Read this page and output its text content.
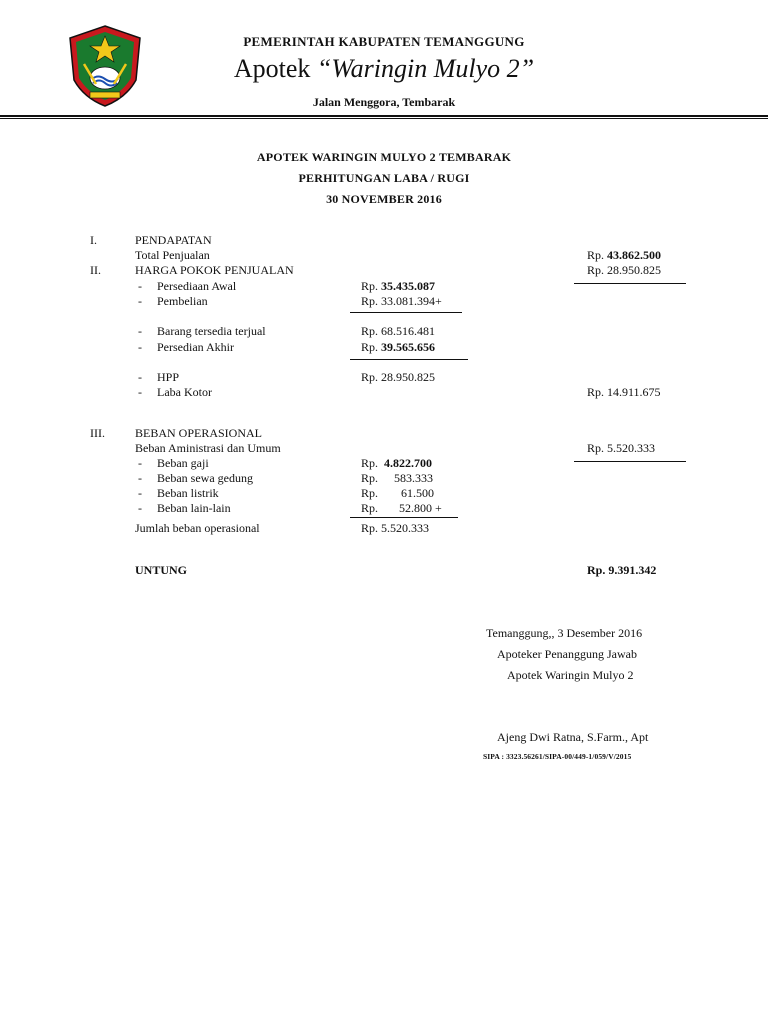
PEMERINTAH KABUPATEN TEMANGGUNG
Apotek “Waringin Mulyo 2”
Jalan Menggora, Tembarak
APOTEK WARINGIN MULYO 2 TEMBARAK
PERHITUNGAN LABA / RUGI
30 NOVEMBER 2016
I.	PENDAPATAN
Total Penjualan	Rp. 43.862.500
II.	HARGA POKOK PENJUALAN	Rp. 28.950.825
- Persediaan Awal	Rp. 35.435.087
- Pembelian	Rp. 33.081.394+
- Barang tersedia terjual	Rp. 68.516.481
- Persedian Akhir	Rp. 39.565.656
- HPP	Rp. 28.950.825
- Laba Kotor	Rp. 14.911.675
III.	BEBAN OPERASIONAL
Beban Aministrasi dan Umum	Rp. 5.520.333
- Beban gaji	Rp. 4.822.700
- Beban sewa gedung	Rp. 583.333
- Beban listrik	Rp. 61.500
- Beban lain-lain	Rp. 52.800 +
Jumlah beban operasional	Rp. 5.520.333
UNTUNG	Rp. 9.391.342
Temanggung,, 3 Desember 2016
Apoteker Penanggung Jawab
Apotek Waringin Mulyo 2
Ajeng Dwi Ratna, S.Farm., Apt
SIPA : 3323.56261/SIPA-00/449-1/059/V/2015
